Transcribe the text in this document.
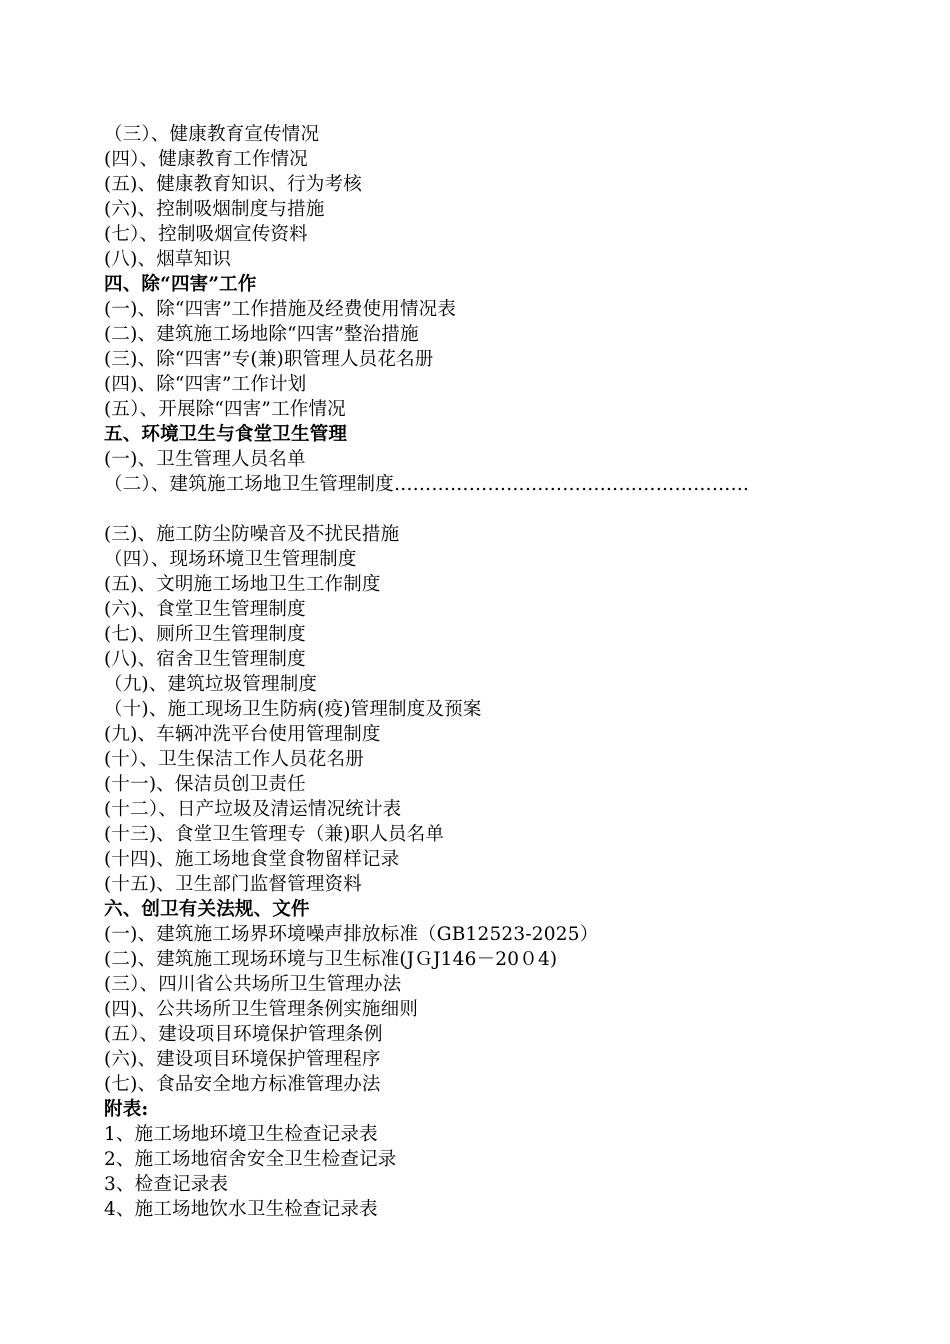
（三）、健康教育宣传情况
(四）、健康教育工作情况
(五)、健康教育知识、行为考核
(六)、控制吸烟制度与措施
(七）、控制吸烟宣传资料
(八)、烟草知识
四、除“四害”工作
(一)、除“四害”工作措施及经费使用情况表
(二)、建筑施工场地除“四害”整治措施
(三)、除“四害”专(兼)职管理人员花名册
(四)、除“四害”工作计划
(五）、开展除“四害”工作情况
五、环境卫生与食堂卫生管理
(一)、卫生管理人员名单
（二）、建筑施工场地卫生管理制度…………………………………………………
(三)、施工防尘防噪音及不扰民措施
（四）、现场环境卫生管理制度
(五)、文明施工场地卫生工作制度
(六)、食堂卫生管理制度
(七)、厕所卫生管理制度
(八)、宿舍卫生管理制度
（九)、建筑垃圾管理制度
（十)、施工现场卫生防病(疫)管理制度及预案
(九)、车辆冲洗平台使用管理制度
(十）、卫生保洁工作人员花名册
(十一)、保洁员创卫责任
(十二）、日产垃圾及清运情况统计表
(十三)、食堂卫生管理专（兼)职人员名单
(十四)、施工场地食堂食物留样记录
(十五)、卫生部门监督管理资料
六、创卫有关法规、文件
(一)、建筑施工场界环境噪声排放标准（GB12523-2025）
(二)、建筑施工现场环境与卫生标准(JＧJ146－20０4)
(三）、四川省公共场所卫生管理办法
(四)、公共场所卫生管理条例实施细则
(五）、建设项目环境保护管理条例
(六)、建设项目环境保护管理程序
(七)、食品安全地方标准管理办法
附表:
1、施工场地环境卫生检查记录表
2、施工场地宿舍安全卫生检查记录
3、检查记录表
4、施工场地饮水卫生检查记录表
